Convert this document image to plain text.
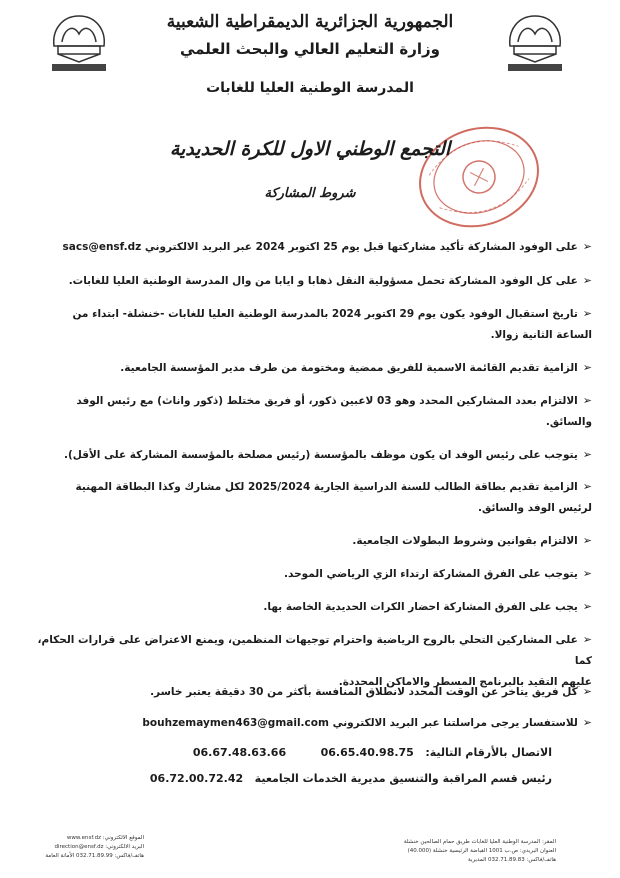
الجمهورية الجزائرية الديمقراطية الشعبية
وزارة التعليم العالي والبحث العلمي
المدرسة الوطنية العليا للغابات
التجمع الوطني الاول للكرة الحديدية
شروط المشاركة
➢على الوفود المشاركة تأكيد مشاركتها قبل يوم 25 اكتوبر 2024 عبر البريد الالكتروني sacs@ensf.dz
➢على كل الوفود المشاركة تحمل مسؤولية النقل ذهابا و ايابا من وال المدرسة الوطنية العليا للغابات.
➢تاريخ استقبال الوفود يكون يوم 29 اكتوبر 2024 بالمدرسة الوطنية العليا للغابات -خنشلة- ابتداء من
الساعة الثانية زوالا.
➢الزامية تقديم القائمة الاسمية للفريق ممضية ومختومة من طرف مدير المؤسسة الجامعية.
➢الالتزام بعدد المشاركين المحدد وهو 03 لاعبين ذكور، أو فريق مختلط (ذكور واناث) مع رئيس الوفد
والسائق.
➢يتوجب على رئيس الوفد ان يكون موظف بالمؤسسة (رئيس مصلحة بالمؤسسة المشاركة على الأقل).
➢الزامية تقديم بطاقة الطالب للسنة الدراسية الجارية 2025/2024 لكل مشارك وكذا البطاقة المهنية
لرئيس الوفد والسائق.
➢الالتزام بقوانين وشروط البطولات الجامعية.
➢يتوجب على الفرق المشاركة ارتداء الزي الرياضي الموحد.
➢يجب على الفرق المشاركة احضار الكرات الحديدية الخاصة بها.
➢على المشاركين التحلي بالروح الرياضية واحترام توجيهات المنظمين، ويمنع الاعتراض على قرارات الحكام، كما
عليهم التقيد بالبرنامج المسطر والاماكن المحددة.
➢كل فريق يتاخر عن الوقت المحدد لانطلاق المنافسة بأكثر من 30 دقيقة يعتبر خاسر.
➢للاستفسار يرجى مراسلتنا عبر البريد الالكتروني bouhzemaymen463@gmail.com
الاتصال بالأرقام التالية:   06.65.40.98.75         06.67.48.63.66
رئيس قسم المراقبة والتنسيق مديرية الخدمات الجامعية   06.72.00.72.42
المقر: المدرسة الوطنية العليا للغابات طريق حمام الصالحين خنشلة
العنوان البريدي: ص.ب 1001 القباضة الرئيسية خنشلة (40.000)
هاتف/فاكس: 032.71.89.83 المديرية
الموقع الالكتروني: www.ensf.dz
البريد الالكتروني: direction@ensf.dz
هاتف/فاكس: 032.71.89.99 الأمانة العامة
